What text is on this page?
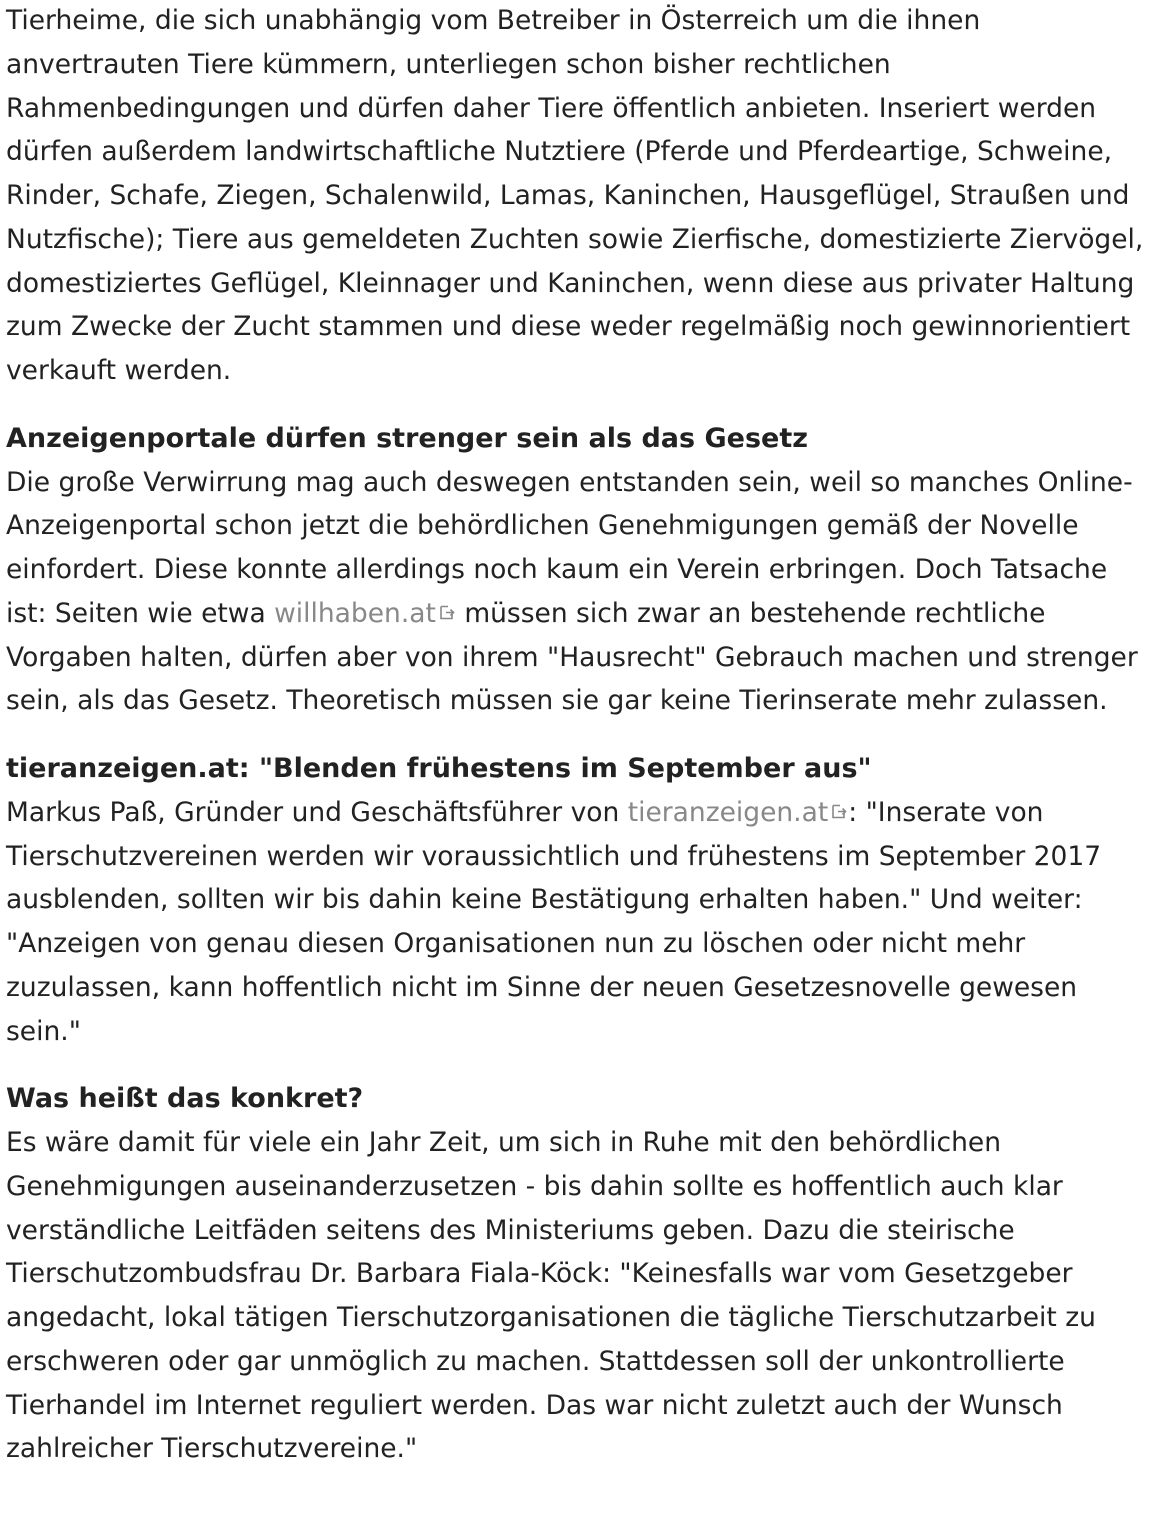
Tierheime, die sich unabhängig vom Betreiber in Österreich um die ihnen anvertrauten Tiere kümmern, unterliegen schon bisher rechtlichen Rahmenbedingungen und dürfen daher Tiere öffentlich anbieten. Inseriert werden dürfen außerdem landwirtschaftliche Nutztiere (Pferde und Pferdeartige, Schweine, Rinder, Schafe, Ziegen, Schalenwild, Lamas, Kaninchen, Hausgeflügel, Straußen und Nutzfische); Tiere aus gemeldeten Zuchten sowie Zierfische, domestizierte Ziervögel, domestiziertes Geflügel, Kleinnager und Kaninchen, wenn diese aus privater Haltung zum Zwecke der Zucht stammen und diese weder regelmäßig noch gewinnorientiert verkauft werden.

Anzeigenportale dürfen strenger sein als das Gesetz

Die große Verwirrung mag auch deswegen entstanden sein, weil so manches Online-Anzeigenportal schon jetzt die behördlichen Genehmigungen gemäß der Novelle einfordert. Diese konnte allerdings noch kaum ein Verein erbringen. Doch Tatsache ist: Seiten wie etwa willhaben.at müssen sich zwar an bestehende rechtliche Vorgaben halten, dürfen aber von ihrem "Hausrecht" Gebrauch machen und strenger sein, als das Gesetz. Theoretisch müssen sie gar keine Tierinserate mehr zulassen.

tieranzeigen.at: "Blenden frühestens im September aus"

Markus Paß, Gründer und Geschäftsführer von tieranzeigen.at : "Inserate von Tierschutzvereinen werden wir voraussichtlich und frühestens im September 2017 ausblenden, sollten wir bis dahin keine Bestätigung erhalten haben." Und weiter: "Anzeigen von genau diesen Organisationen nun zu löschen oder nicht mehr zuzulassen, kann hoffentlich nicht im Sinne der neuen Gesetzesnovelle gewesen sein."

Was heißt das konkret?

Es wäre damit für viele ein Jahr Zeit, um sich in Ruhe mit den behördlichen Genehmigungen auseinanderzusetzen - bis dahin sollte es hoffentlich auch klar verständliche Leitfäden seitens des Ministeriums geben. Dazu die steirische Tierschutzombudsfrau Dr. Barbara Fiala-Köck: "Keinesfalls war vom Gesetzgeber angedacht, lokal tätigen Tierschutzorganisationen die tägliche Tierschutzarbeit zu erschweren oder gar unmöglich zu machen. Stattdessen soll der unkontrollierte Tierhandel im Internet reguliert werden. Das war nicht zuletzt auch der Wunsch zahlreicher Tierschutzvereine."
